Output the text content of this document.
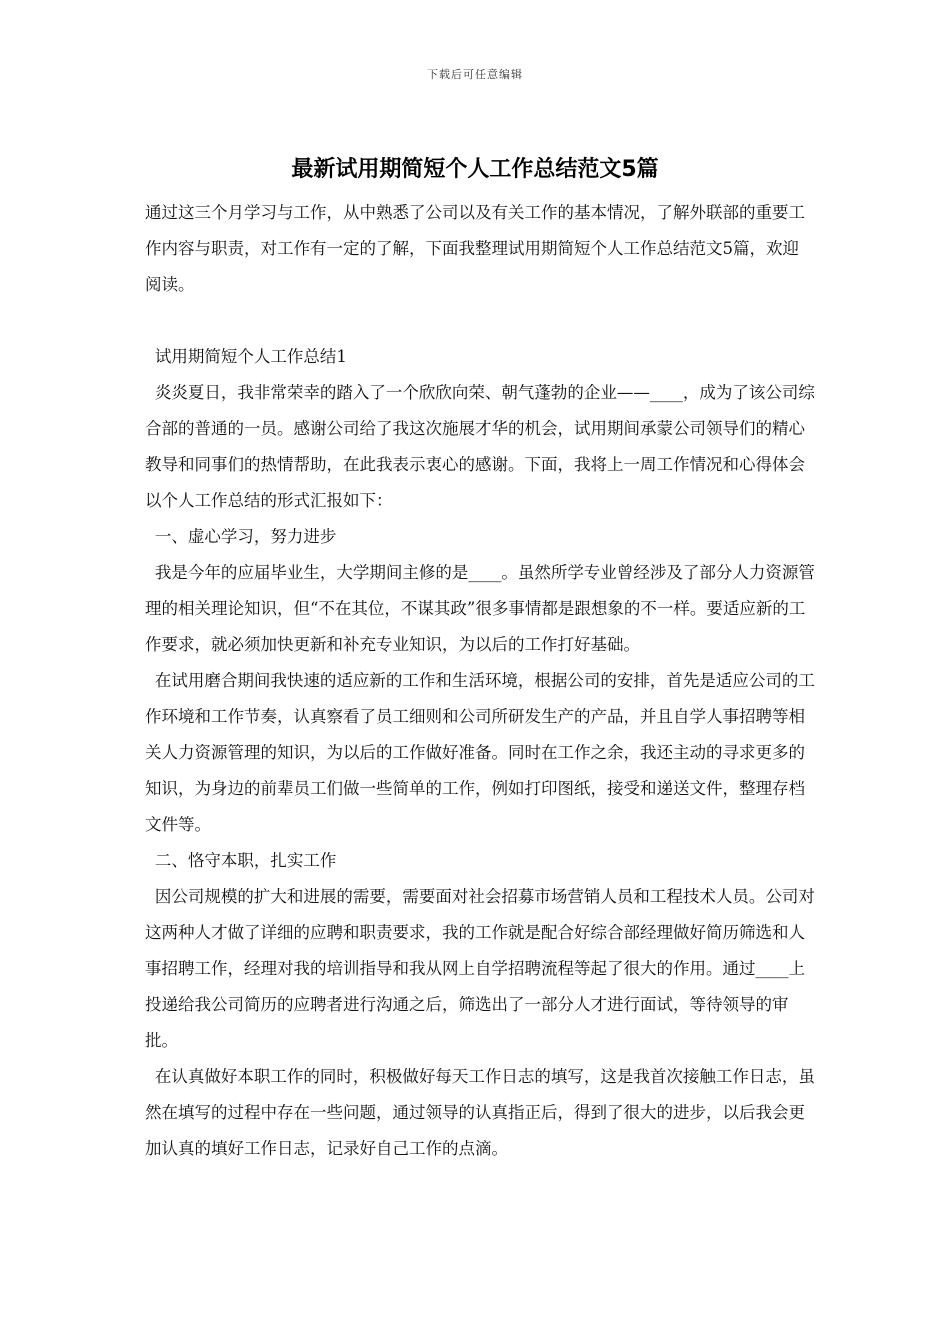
下载后可任意编辑
最新试用期简短个人工作总结范文5篇

通过这三个月学习与工作，从中熟悉了公司以及有关工作的基本情况，了解外联部的重要工作内容与职责，对工作有一定的了解，下面我整理试用期简短个人工作总结范文5篇，欢迎阅读。

试用期简短个人工作总结1

炎炎夏日，我非常荣幸的踏入了一个欣欣向荣、朝气蓬勃的企业——____，成为了该公司综合部的普通的一员。感谢公司给了我这次施展才华的机会，试用期间承蒙公司领导们的精心教导和同事们的热情帮助，在此我表示衷心的感谢。下面，我将上一周工作情况和心得体会以个人工作总结的形式汇报如下：

一、虚心学习，努力进步

我是今年的应届毕业生，大学期间主修的是____。虽然所学专业曾经涉及了部分人力资源管理的相关理论知识，但“不在其位，不谋其政”很多事情都是跟想象的不一样。要适应新的工作要求，就必须加快更新和补充专业知识，为以后的工作打好基础。

在试用磨合期间我快速的适应新的工作和生活环境，根据公司的安排，首先是适应公司的工作环境和工作节奏，认真察看了员工细则和公司所研发生产的产品，并且自学人事招聘等相关人力资源管理的知识，为以后的工作做好准备。同时在工作之余，我还主动的寻求更多的知识，为身边的前辈员工们做一些简单的工作，例如打印图纸，接受和递送文件，整理存档文件等。

二、恪守本职，扎实工作

因公司规模的扩大和进展的需要，需要面对社会招募市场营销人员和工程技术人员。公司对这两种人才做了详细的应聘和职责要求，我的工作就是配合好综合部经理做好简历筛选和人事招聘工作，经理对我的培训指导和我从网上自学招聘流程等起了很大的作用。通过____上投递给我公司简历的应聘者进行沟通之后，筛选出了一部分人才进行面试，等待领导的审批。

在认真做好本职工作的同时，积极做好每天工作日志的填写，这是我首次接触工作日志，虽然在填写的过程中存在一些问题，通过领导的认真指正后，得到了很大的进步，以后我会更加认真的填好工作日志，记录好自己工作的点滴。
